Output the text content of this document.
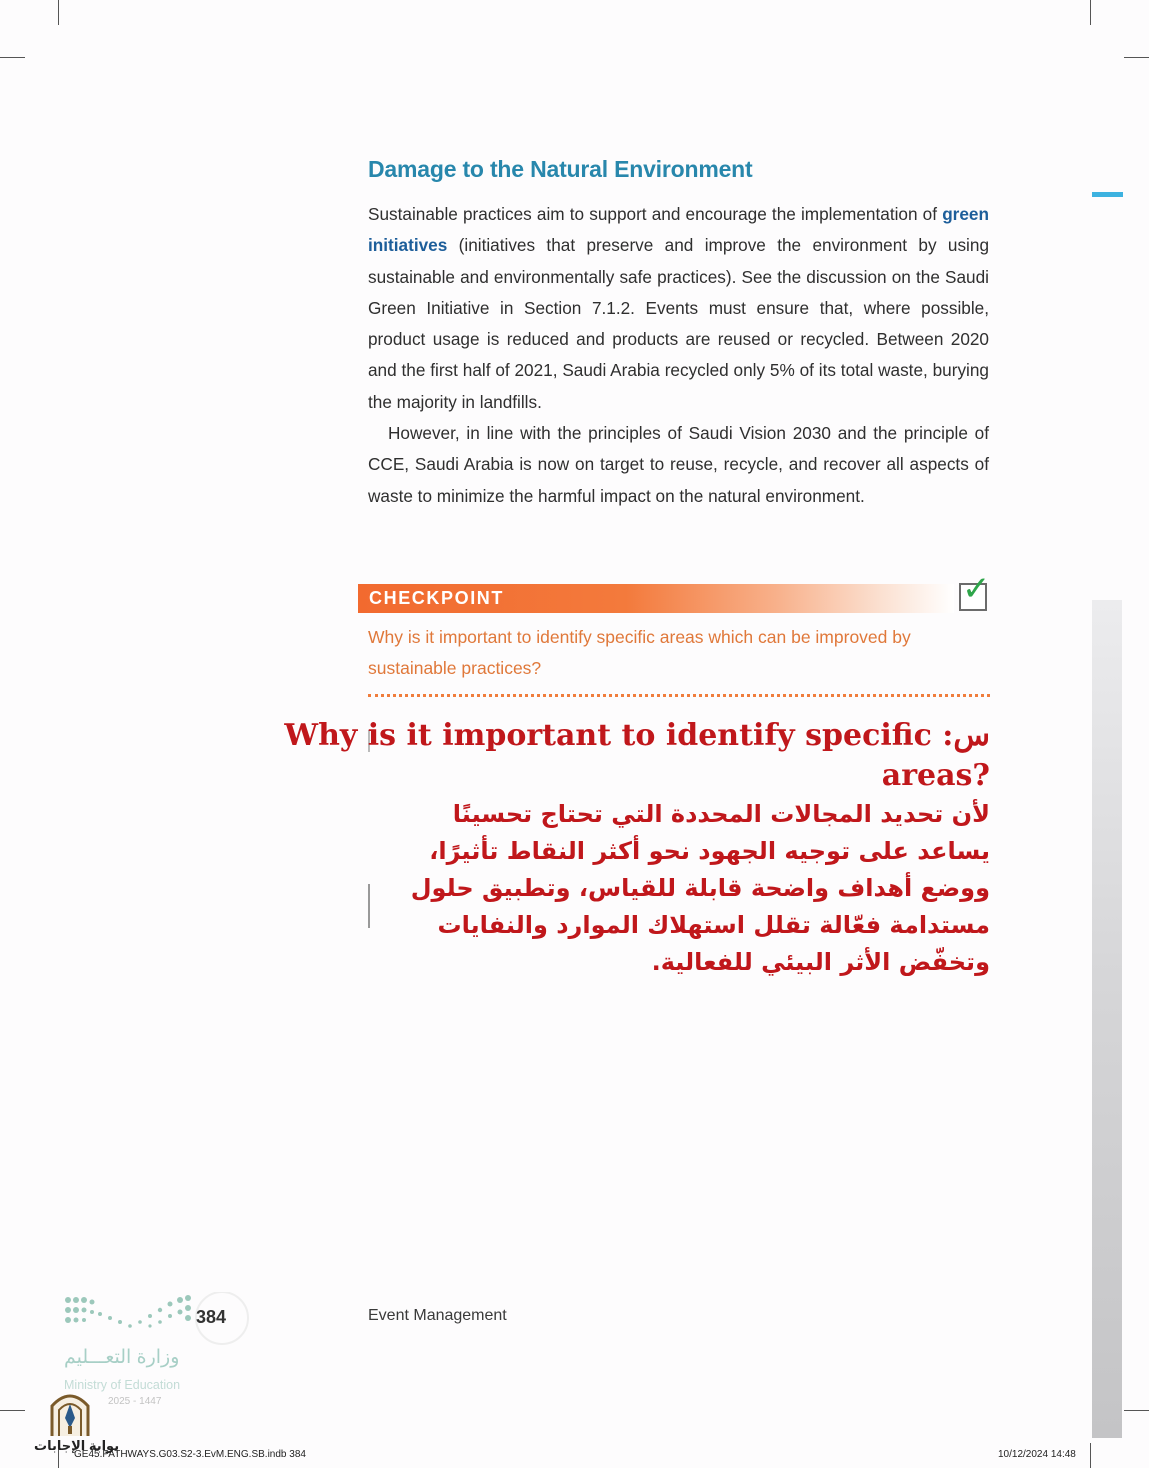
Damage to the Natural Environment

Sustainable practices aim to support and encourage the implementation of green initiatives (initiatives that preserve and improve the environment by using sustainable and environmentally safe practices). See the discussion on the Saudi Green Initiative in Section 7.1.2. Events must ensure that, where possible, product usage is reduced and products are reused or recycled. Between 2020 and the first half of 2021, Saudi Arabia recycled only 5% of its total waste, burying the majority in landfills.

However, in line with the principles of Saudi Vision 2030 and the principle of CCE, Saudi Arabia is now on target to reuse, recycle, and recover all aspects of waste to minimize the harmful impact on the natural environment.

CHECKPOINT	✓
Why is it important to identify specific areas which can be improved by sustainable practices?
س: Why is it important to identify specific
?areas
لأن تحديد المجالات المحددة التي تحتاج تحسينًا يساعد على توجيه الجهود نحو أكثر النقاط تأثيرًا، ووضع أهداف واضحة قابلة للقياس، وتطبيق حلول مستدامة فعّالة تقلل استهلاك الموارد والنفايات وتخفّض الأثر البيئي للفعالية.
384	Event Management
وزارة التعـــليم
Ministry of Education
2025 - 1447
بوابة الإجابات
GE45.PATHWAYS.G03.S2-3.EvM.ENG.SB.indb 384	10/12/2024 14:48
